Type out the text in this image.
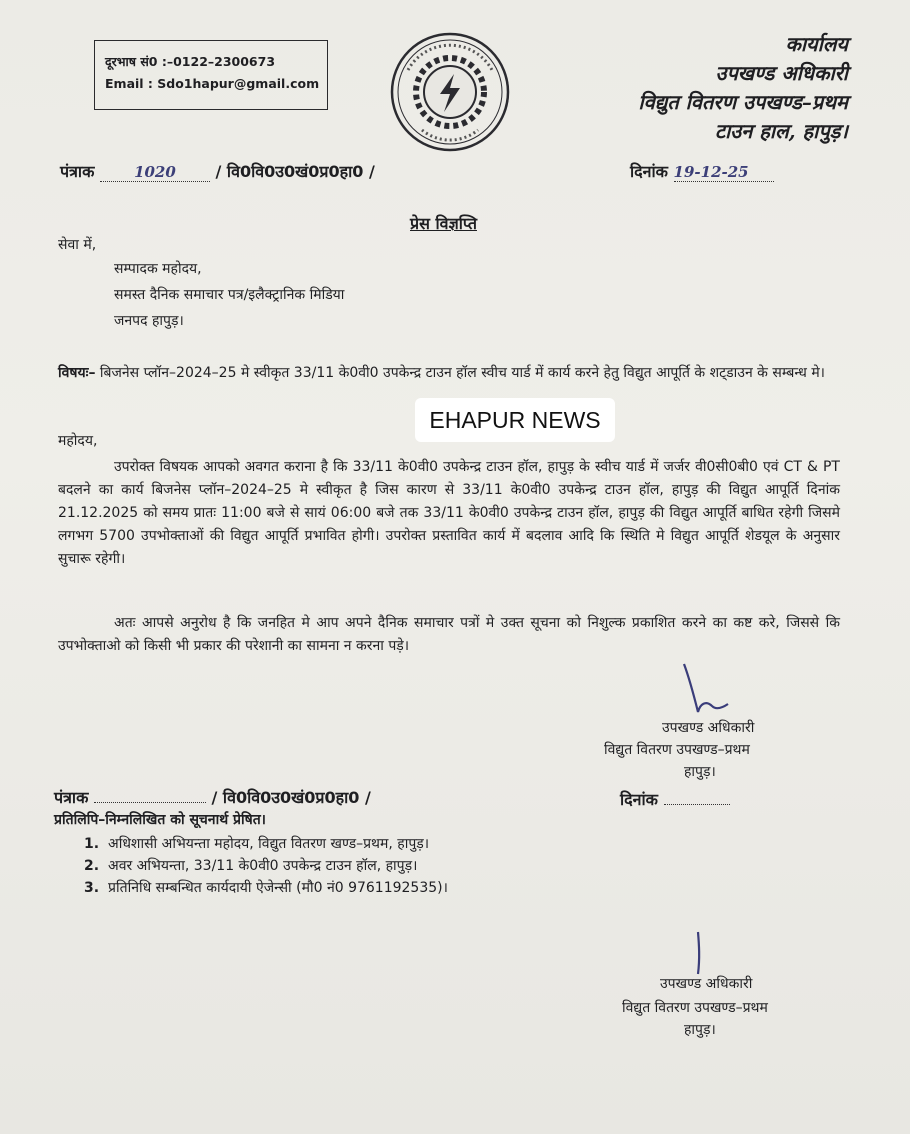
दूरभाष सं0 :–0122–2300673
Email : Sdo1hapur@gmail.com
कार्यालय
उपखण्ड अधिकारी
विद्युत वितरण उपखण्ड–प्रथम
टाउन हाल, हापुड़।
पंत्राक	1020 / वि0वि0उ0खं0प्र0हा0 /	दिनांक 19-12-25
प्रेस विज्ञप्ति
सेवा में,
सम्पादक महोदय,
समस्त दैनिक समाचार पत्र/इलैक्ट्रानिक मिडिया
जनपद हापुड़।
विषयः– बिजनेस प्लॉन–2024–25 मे स्वीकृत 33/11 के0वी0 उपकेन्द्र टाउन हॉल स्वीच यार्ड में कार्य करने हेतु विद्युत आपूर्ति के शट्डाउन के सम्बन्ध मे।
EHAPUR NEWS
महोदय,
उपरोक्त विषयक आपको अवगत कराना है कि 33/11 के0वी0 उपकेन्द्र टाउन हॉल, हापुड़ के स्वीच यार्ड में जर्जर वी0सी0बी0 एवं CT & PT बदलने का कार्य बिजनेस प्लॉन–2024–25 मे स्वीकृत है जिस कारण से 33/11 के0वी0 उपकेन्द्र टाउन हॉल, हापुड़ की विद्युत आपूर्ति दिनांक 21.12.2025 को समय प्रातः 11:00 बजे से सायं 06:00 बजे तक 33/11 के0वी0 उपकेन्द्र टाउन हॉल, हापुड़ की विद्युत आपूर्ति बाधित रहेगी जिसमे लगभग 5700 उपभोक्ताओं की विद्युत आपूर्ति प्रभावित होगी। उपरोक्त प्रस्तावित कार्य में बदलाव आदि कि स्थिति मे विद्युत आपूर्ति शेडयूल के अनुसार सुचारू रहेगी।
अतः आपसे अनुरोध है कि जनहित मे आप अपने दैनिक समाचार पत्रों मे उक्त सूचना को निशुल्क प्रकाशित करने का कष्ट करे, जिससे कि उपभोक्ताओ को किसी भी प्रकार की परेशानी का सामना न करना पड़े।
उपखण्ड अधिकारी
विद्युत वितरण उपखण्ड–प्रथम
हापुड़।
पंत्राक	/ वि0वि0उ0खं0प्र0हा0 /	दिनांक
प्रतिलिपि–निम्नलिखित को सूचनार्थ प्रेषित।
1. अधिशासी अभियन्ता महोदय, विद्युत वितरण खण्ड–प्रथम, हापुड़।
2. अवर अभियन्ता, 33/11 के0वी0 उपकेन्द्र टाउन हॉल, हापुड़।
3. प्रतिनिधि सम्बन्धित कार्यदायी ऐजेन्सी (मौ0 नं0 9761192535)।
उपखण्ड अधिकारी
विद्युत वितरण उपखण्ड–प्रथम
हापुड़।
